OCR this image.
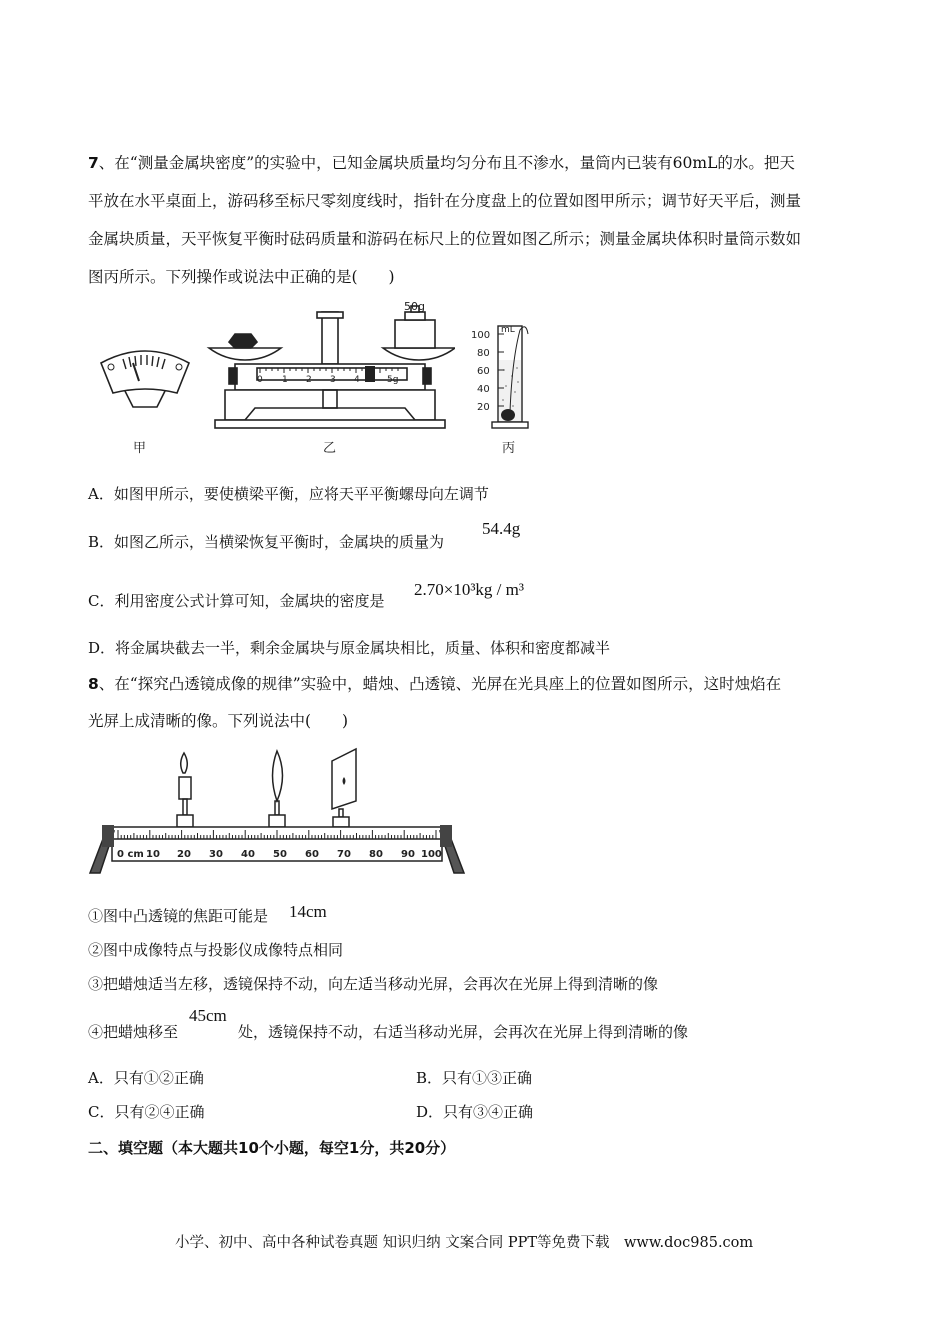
7、在“测量金属块密度”的实验中，已知金属块质量均匀分布且不渗水，量筒内已装有60mL的水。把天
平放在水平桌面上，游码移至标尺零刻度线时，指针在分度盘上的位置如图甲所示；调节好天平后，测量
金属块质量，天平恢复平衡时砝码质量和游码在标尺上的位置如图乙所示；测量金属块体积时量筒示数如
图丙所示。下列操作或说法中正确的是(　　)
甲
0 1 2 3 4	5g
50g
乙
mL
100
80
60
40
20
丙
A．如图甲所示，要使横梁平衡，应将天平平衡螺母向左调节
B．如图乙所示，当横梁恢复平衡时，金属块的质量为
54.4g
C．利用密度公式计算可知，金属块的密度是
2.70×10³kg / m³
D．将金属块截去一半，剩余金属块与原金属块相比，质量、体积和密度都减半
8、在“探究凸透镜成像的规律”实验中，蜡烛、凸透镜、光屏在光具座上的位置如图所示，这时烛焰在
光屏上成清晰的像。下列说法中(　　)
0 cm 10 20 30 40 50 60 70 80 90 100
①图中凸透镜的焦距可能是 14cm
②图中成像特点与投影仪成像特点相同
③把蜡烛适当左移，透镜保持不动，向左适当移动光屏，会再次在光屏上得到清晰的像
④把蜡烛移至
45cm
处，透镜保持不动，右适当移动光屏，会再次在光屏上得到清晰的像
A．只有①②正确	B．只有①③正确
C．只有②④正确	D．只有③④正确
二、填空题（本大题共10个小题，每空1分，共20分）
小学、初中、高中各种试卷真题 知识归纳 文案合同 PPT等免费下载　www.doc985.com
